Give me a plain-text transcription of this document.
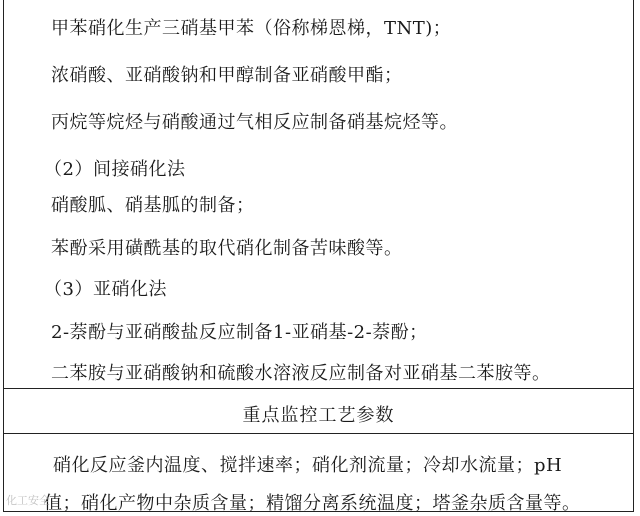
甲苯硝化生产三硝基甲苯（俗称梯恩梯，TNT)；
浓硝酸、亚硝酸钠和甲醇制备亚硝酸甲酯；
丙烷等烷烃与硝酸通过气相反应制备硝基烷烃等。
（2）间接硝化法
硝酸胍、硝基胍的制备；
苯酚采用磺酰基的取代硝化制备苦味酸等。
（3）亚硝化法
2-萘酚与亚硝酸盐反应制备1-亚硝基-2-萘酚；
二苯胺与亚硝酸钠和硫酸水溶液反应制备对亚硝基二苯胺等。
重点监控工艺参数
硝化反应釜内温度、搅拌速率；硝化剂流量；冷却水流量；pH
值；硝化产物中杂质含量；精馏分离系统温度；塔釜杂质含量等。
化工安全
